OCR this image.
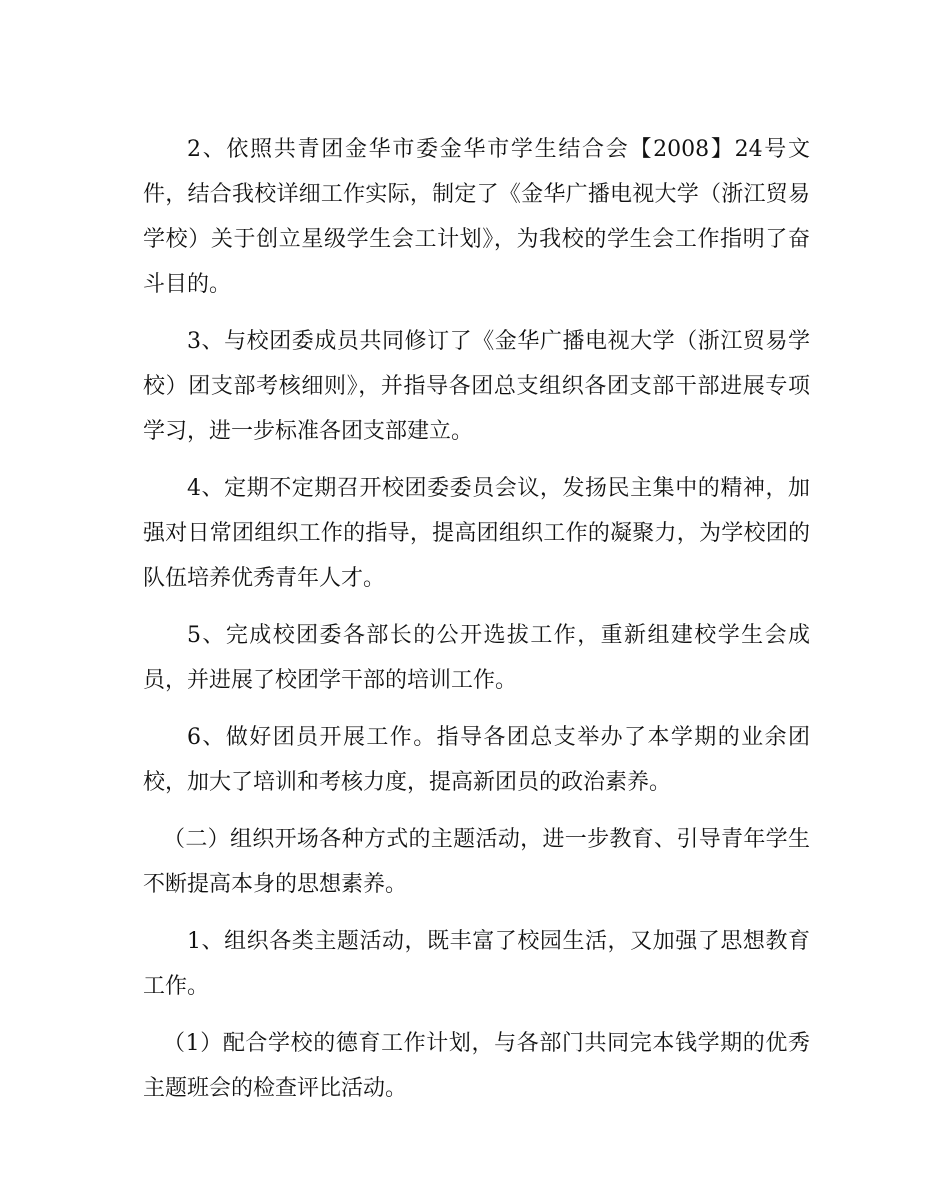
2、依照共青团金华市委金华市学生结合会【2008】24号文件，结合我校详细工作实际，制定了《金华广播电视大学（浙江贸易学校）关于创立星级学生会工计划》，为我校的学生会工作指明了奋斗目的。

3、与校团委成员共同修订了《金华广播电视大学（浙江贸易学校）团支部考核细则》，并指导各团总支组织各团支部干部进展专项学习，进一步标准各团支部建立。

4、定期不定期召开校团委委员会议，发扬民主集中的精神，加强对日常团组织工作的指导，提高团组织工作的凝聚力，为学校团的队伍培养优秀青年人才。

5、完成校团委各部长的公开选拔工作，重新组建校学生会成员，并进展了校团学干部的培训工作。

6、做好团员开展工作。指导各团总支举办了本学期的业余团校，加大了培训和考核力度，提高新团员的政治素养。

（二）组织开场各种方式的主题活动，进一步教育、引导青年学生不断提高本身的思想素养。

1、组织各类主题活动，既丰富了校园生活，又加强了思想教育工作。

（1）配合学校的德育工作计划，与各部门共同完本钱学期的优秀主题班会的检查评比活动。
